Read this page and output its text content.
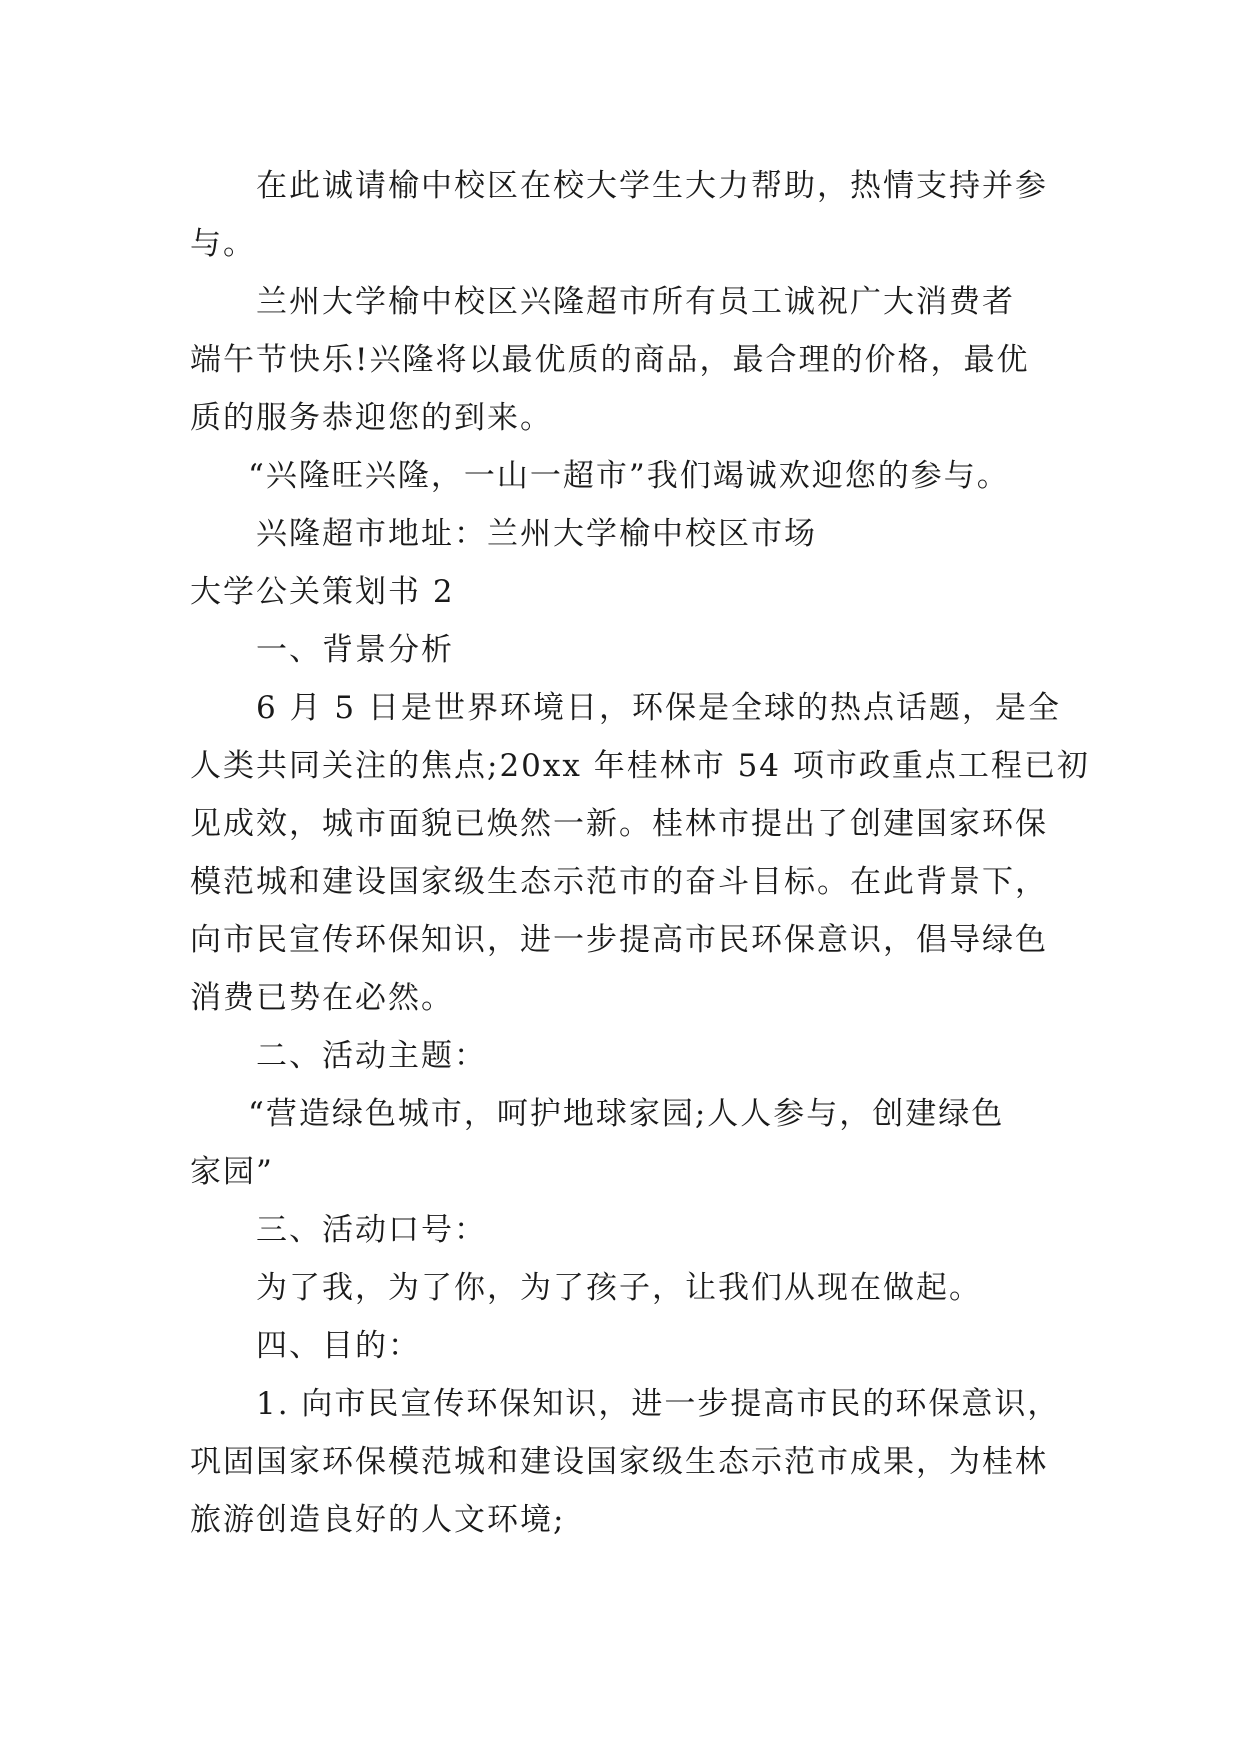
在此诚请榆中校区在校大学生大力帮助，热情支持并参
与。
兰州大学榆中校区兴隆超市所有员工诚祝广大消费者
端午节快乐!兴隆将以最优质的商品，最合理的价格，最优
质的服务恭迎您的到来。
“兴隆旺兴隆，一山一超市”我们竭诚欢迎您的参与。
兴隆超市地址：兰州大学榆中校区市场
大学公关策划书 2
一、背景分析
6 月 5 日是世界环境日，环保是全球的热点话题，是全
人类共同关注的焦点;20xx 年桂林市 54 项市政重点工程已初
见成效，城市面貌已焕然一新。桂林市提出了创建国家环保
模范城和建设国家级生态示范市的奋斗目标。在此背景下，
向市民宣传环保知识，进一步提高市民环保意识，倡导绿色
消费已势在必然。
二、活动主题：
“营造绿色城市，呵护地球家园;人人参与，创建绿色
家园”
三、活动口号：
为了我，为了你，为了孩子，让我们从现在做起。
四、目的：
1. 向市民宣传环保知识，进一步提高市民的环保意识，
巩固国家环保模范城和建设国家级生态示范市成果，为桂林
旅游创造良好的人文环境;
